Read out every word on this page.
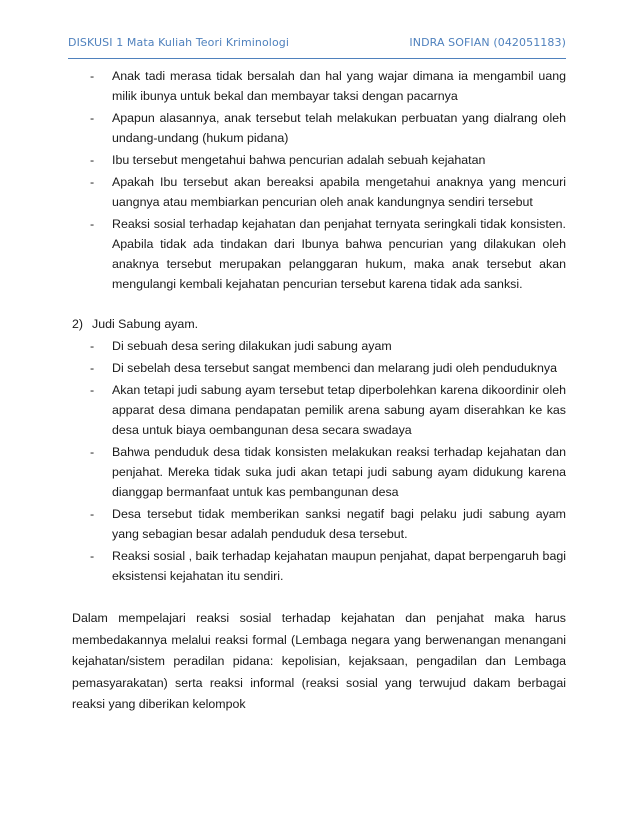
DISKUSI 1 Mata Kuliah Teori Kriminologi	INDRA SOFIAN (042051183)
- Anak tadi merasa tidak bersalah dan hal yang wajar dimana ia mengambil uang milik ibunya untuk bekal dan membayar taksi dengan pacarnya
- Apapun alasannya, anak tersebut telah melakukan perbuatan yang dialrang oleh undang-undang (hukum pidana)
- Ibu tersebut mengetahui bahwa pencurian adalah sebuah kejahatan
- Apakah Ibu tersebut akan bereaksi apabila mengetahui anaknya yang mencuri uangnya atau membiarkan pencurian oleh anak kandungnya sendiri tersebut
- Reaksi sosial terhadap kejahatan dan penjahat ternyata seringkali tidak konsisten. Apabila tidak ada tindakan dari Ibunya bahwa pencurian yang dilakukan oleh anaknya tersebut merupakan pelanggaran hukum, maka anak tersebut akan mengulangi kembali kejahatan pencurian tersebut karena tidak ada sanksi.
2) Judi Sabung ayam.
- Di sebuah desa sering dilakukan judi sabung ayam
- Di sebelah desa tersebut sangat membenci dan melarang judi oleh penduduknya
- Akan tetapi judi sabung ayam tersebut tetap diperbolehkan karena dikoordinir oleh apparat desa dimana pendapatan pemilik arena sabung ayam diserahkan ke kas desa untuk biaya oembangunan desa secara swadaya
- Bahwa penduduk desa tidak konsisten melakukan reaksi terhadap kejahatan dan penjahat. Mereka tidak suka judi akan tetapi judi sabung ayam didukung karena dianggap bermanfaat untuk kas pembangunan desa
- Desa tersebut tidak memberikan sanksi negatif bagi pelaku judi sabung ayam yang sebagian besar adalah penduduk desa tersebut.
- Reaksi sosial , baik terhadap kejahatan maupun penjahat, dapat berpengaruh bagi eksistensi kejahatan itu sendiri.

Dalam mempelajari reaksi sosial terhadap kejahatan dan penjahat maka harus membedakannya melalui reaksi formal (Lembaga negara yang berwenangan menangani kejahatan/sistem peradilan pidana: kepolisian, kejaksaan, pengadilan dan Lembaga pemasyarakatan) serta reaksi informal (reaksi sosial yang terwujud dakam berbagai reaksi yang diberikan kelompok
